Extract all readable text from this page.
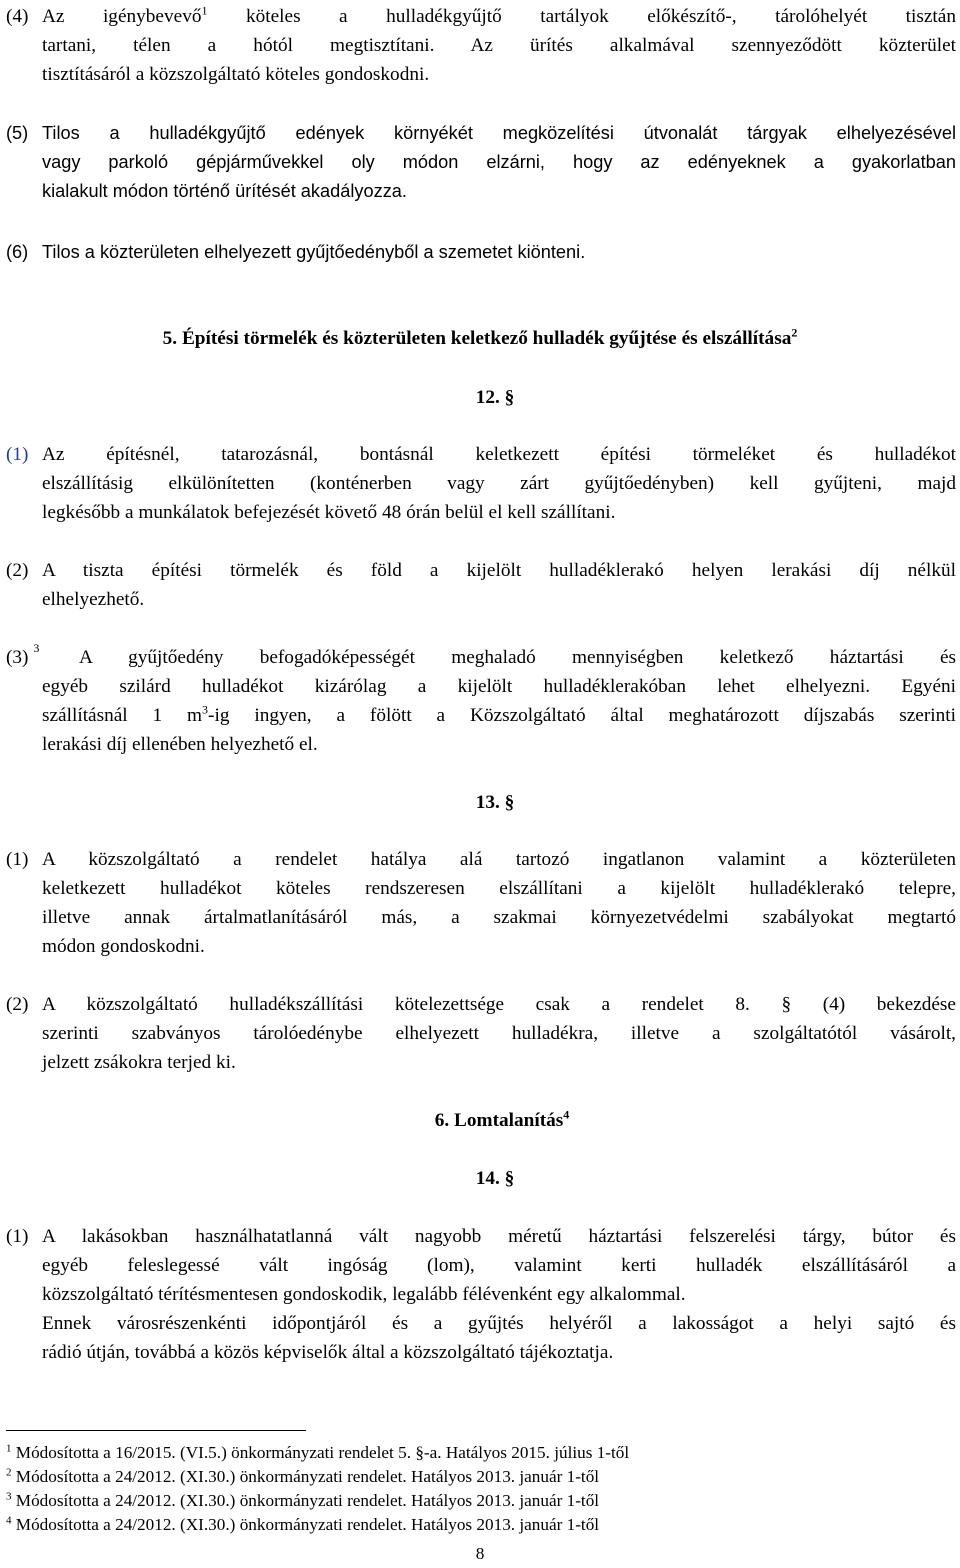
(4) Az igénybevevő$^1$ köteles a hulladékgyűjtő tartályok előkészítő-, tárolóhelyét tisztán
tartani, télen a hótól megtisztítani. Az ürítés alkalmával szennyeződött közterület
tisztításáról a közszolgáltató köteles gondoskodni.
(5) Tilos a hulladékgyűjtő edények környékét megközelítési útvonalát tárgyak elhelyezésével
vagy parkoló gépjárművekkel oly módon elzárni, hogy az edényeknek a gyakorlatban
kialakult módon történő ürítését akadályozza.
(6) Tilos a közterületen elhelyezett gyűjtőedényből a szemetet kiönteni.
5. Építési törmelék és közterületen keletkező hulladék gyűjtése és elszállítása$^2$
12. §
(1) Az építésnél, tatarozásnál, bontásnál keletkezett építési törmeléket és hulladékot
elszállításig elkülönítetten (konténerben vagy zárt gyűjtőedényben) kell gyűjteni, majd
legkésőbb a munkálatok befejezését követő 48 órán belül el kell szállítani.
(2) A tiszta építési törmelék és föld a kijelölt hulladéklerakó helyen lerakási díj nélkül
elhelyezhető.
(3) $^3$	A gyűjtőedény befogadóképességét meghaladó mennyiségben keletkező háztartási és
egyéb szilárd hulladékot kizárólag a kijelölt hulladéklerakóban lehet elhelyezni. Egyéni
szállításnál 1 $m^3-ig$ ingyen, a fölött a Közszolgáltató által meghatározott díjszabás szerinti
lerakási díj ellenében helyezhető el.
13. §
(1) A közszolgáltató a rendelet hatálya alá tartozó ingatlanon valamint a közterületen
keletkezett hulladékot köteles rendszeresen elszállítani a kijelölt hulladéklerakó telepre,
illetve annak ártalmatlanításáról más, a szakmai környezetvédelmi szabályokat megtartó
módon gondoskodni.
(2) A közszolgáltató hulladékszállítási kötelezettsége csak a rendelet 8. § (4) bekezdése
szerinti szabványos tárolóedénybe elhelyezett hulladékra, illetve a szolgáltatótól vásárolt,
jelzett zsákokra terjed ki.
6. Lomtalanítás$^4$
14. §
(1) A lakásokban használhatatlanná vált nagyobb méretű háztartási felszerelési tárgy, bútor és
egyéb feleslegessé vált ingóság (lom), valamint kerti hulladék elszállításáról a
közszolgáltató térítésmentesen gondoskodik, legalább félévenként egy alkalommal.
Ennek városrészenkénti időpontjáról és a gyűjtés helyéről a lakosságot a helyi sajtó és
rádió útján, továbbá a közös képviselők által a közszolgáltató tájékoztatja.
$^1$ Módosította a 16/2015. (VI.5.) önkormányzati rendelet 5. §-a. Hatályos 2015. július 1-től
$^2$ Módosította a 24/2012. (XI.30.) önkormányzati rendelet. Hatályos 2013. január 1-től
$^3$ Módosította a 24/2012. (XI.30.) önkormányzati rendelet. Hatályos 2013. január 1-től
$^4$ Módosította a 24/2012. (XI.30.) önkormányzati rendelet. Hatályos 2013. január 1-től
8
